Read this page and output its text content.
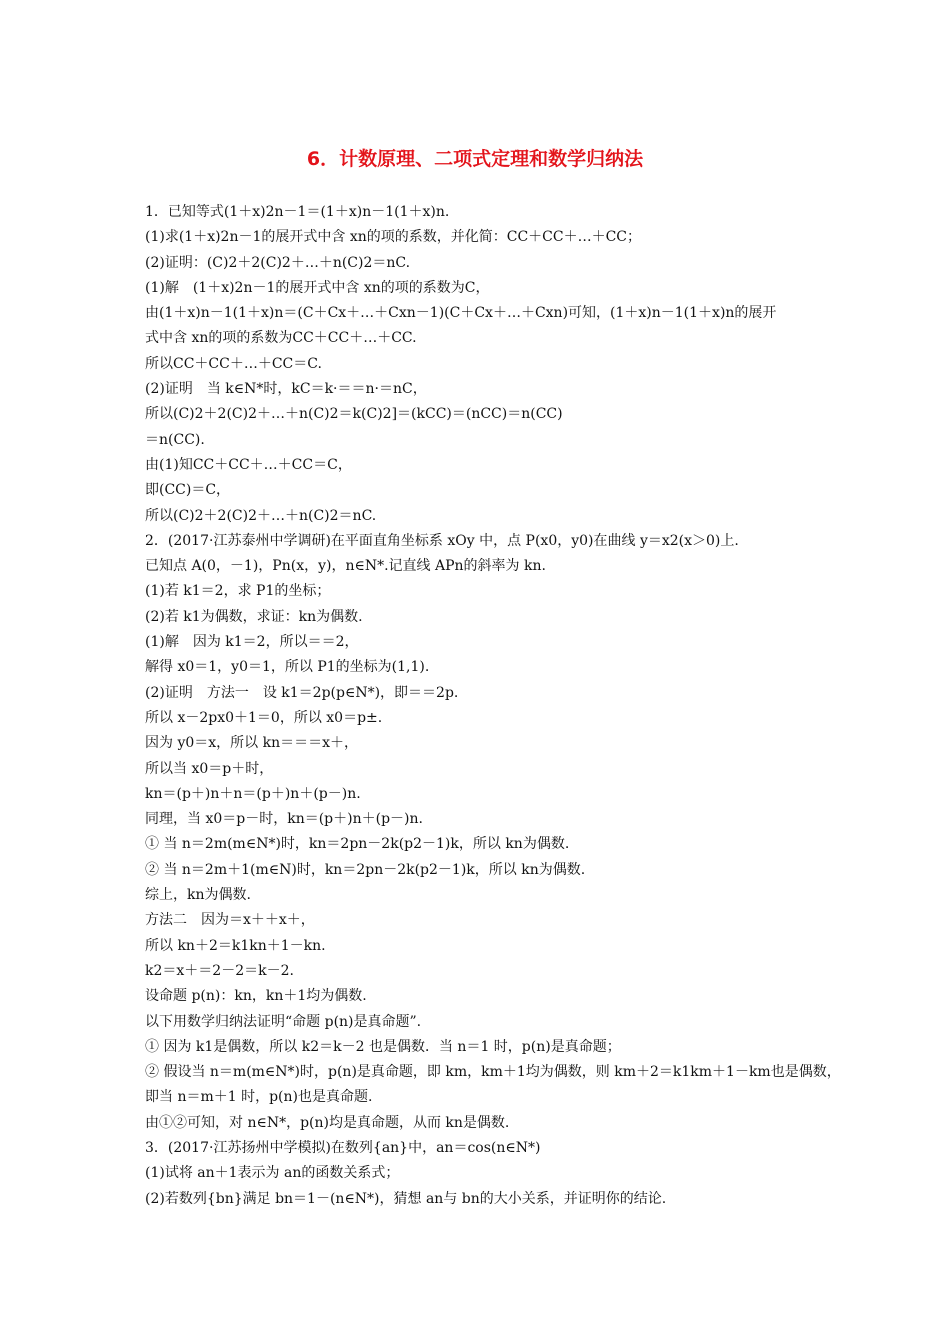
6．计数原理、二项式定理和数学归纳法
1．已知等式(1＋x)2n－1＝(1＋x)n－1(1＋x)n.
(1)求(1＋x)2n－1的展开式中含 xn的项的系数，并化简：CC＋CC＋…＋CC；
(2)证明：(C)2＋2(C)2＋…＋n(C)2＝nC.
(1)解　(1＋x)2n－1的展开式中含 xn的项的系数为C，
由(1＋x)n－1(1＋x)n＝(C＋Cx＋…＋Cxn－1)(C＋Cx＋…＋Cxn)可知，(1＋x)n－1(1＋x)n的展开
式中含 xn的项的系数为CC＋CC＋…＋CC.
所以CC＋CC＋…＋CC＝C.
(2)证明　当 k∈N*时，kC＝k·＝＝n·＝nC，
所以(C)2＋2(C)2＋…＋n(C)2＝k(C)2]＝(kCC)＝(nCC)＝n(CC)
＝n(CC).
由(1)知CC＋CC＋…＋CC＝C，
即(CC)＝C，
所以(C)2＋2(C)2＋…＋n(C)2＝nC.
2．(2017·江苏泰州中学调研)在平面直角坐标系 xOy 中，点 P(x0，y0)在曲线 y＝x2(x＞0)上.
已知点 A(0，－1)，Pn(x，y)，n∈N*.记直线 APn的斜率为 kn.
(1)若 k1＝2，求 P1的坐标；
(2)若 k1为偶数，求证：kn为偶数.
(1)解　因为 k1＝2，所以＝＝2，
解得 x0＝1，y0＝1，所以 P1的坐标为(1,1).
(2)证明　方法一　设 k1＝2p(p∈N*)，即＝＝2p.
所以 x－2px0＋1＝0，所以 x0＝p±.
因为 y0＝x，所以 kn＝＝＝x＋，
所以当 x0＝p＋时，
kn＝(p＋)n＋n＝(p＋)n＋(p－)n.
同理，当 x0＝p－时，kn＝(p＋)n＋(p－)n.
① 当 n＝2m(m∈N*)时，kn＝2pn－2k(p2－1)k，所以 kn为偶数.
② 当 n＝2m＋1(m∈N)时，kn＝2pn－2k(p2－1)k，所以 kn为偶数.
综上，kn为偶数.
方法二　因为＝x＋＋x＋，
所以 kn＋2＝k1kn＋1－kn.
k2＝x＋＝2－2＝k－2.
设命题 p(n)：kn，kn＋1均为偶数.
以下用数学归纳法证明“命题 p(n)是真命题”.
① 因为 k1是偶数，所以 k2＝k－2 也是偶数．当 n＝1 时，p(n)是真命题；
② 假设当 n＝m(m∈N*)时，p(n)是真命题，即 km，km＋1均为偶数，则 km＋2＝k1km＋1－km也是偶数，
即当 n＝m＋1 时，p(n)也是真命题.
由①②可知，对 n∈N*，p(n)均是真命题，从而 kn是偶数.
3．(2017·江苏扬州中学模拟)在数列{an}中，an＝cos(n∈N*)
(1)试将 an＋1表示为 an的函数关系式；
(2)若数列{bn}满足 bn＝1－(n∈N*)，猜想 an与 bn的大小关系，并证明你的结论.
